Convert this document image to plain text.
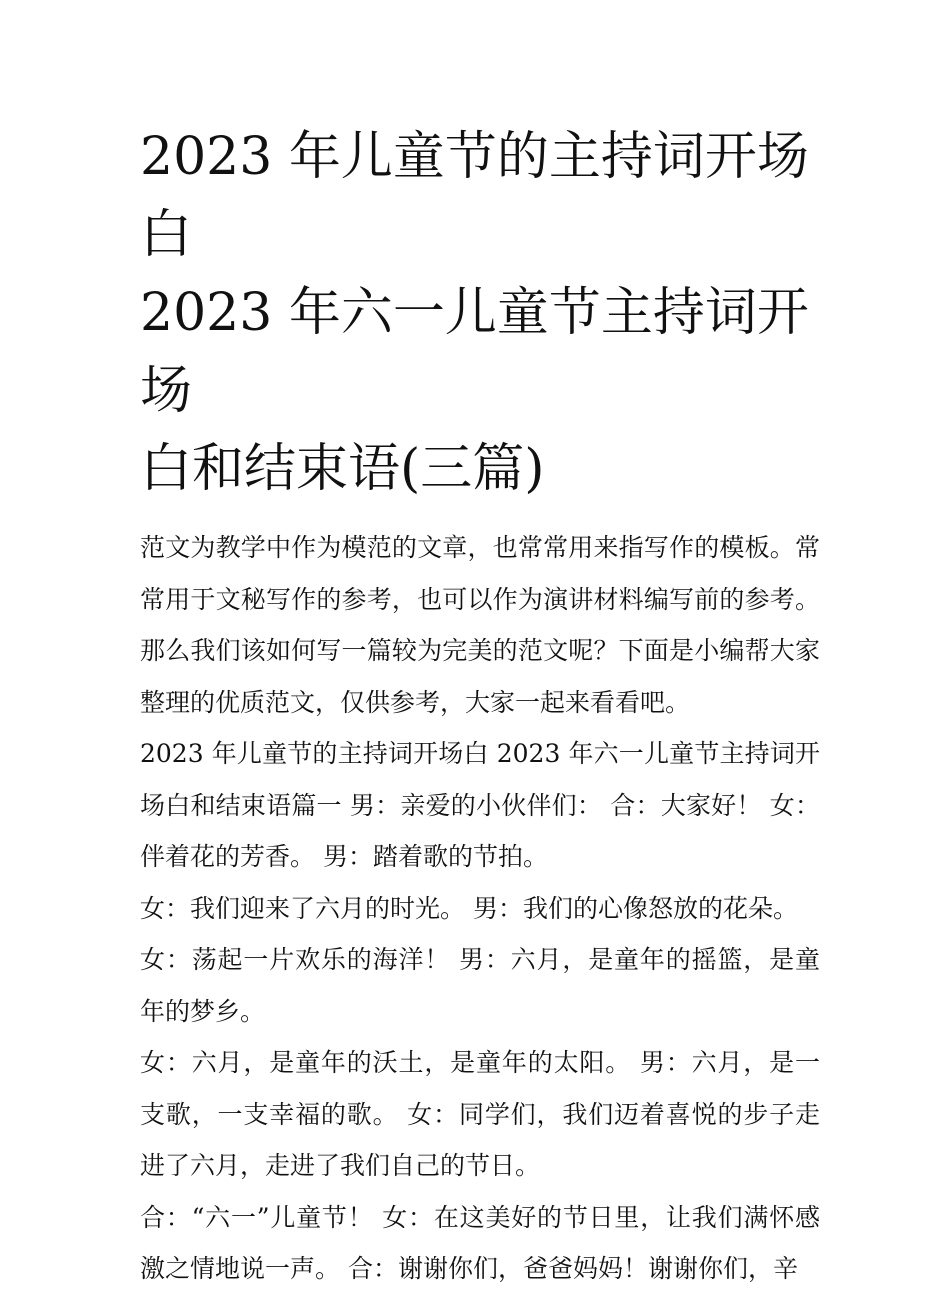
2023 年儿童节的主持词开场白
2023 年六一儿童节主持词开场
白和结束语(三篇)

范文为教学中作为模范的文章，也常常用来指写作的模板。常常用于文秘写作的参考，也可以作为演讲材料编写前的参考。那么我们该如何写一篇较为完美的范文呢？下面是小编帮大家整理的优质范文，仅供参考，大家一起来看看吧。

2023 年儿童节的主持词开场白 2023 年六一儿童节主持词开场白和结束语篇一 男：亲爱的小伙伴们： 合：大家好！ 女：伴着花的芳香。 男：踏着歌的节拍。

女：我们迎来了六月的时光。 男：我们的心像怒放的花朵。

女：荡起一片欢乐的海洋！ 男：六月，是童年的摇篮，是童年的梦乡。

女：六月，是童年的沃土，是童年的太阳。 男：六月，是一支歌，一支幸福的歌。 女：同学们，我们迈着喜悦的步子走进了六月，走进了我们自己的节日。

合：“六一”儿童节！ 女：在这美好的节日里，让我们满怀感激之情地说一声。 合：谢谢你们，爸爸妈妈！谢谢你们，辛
